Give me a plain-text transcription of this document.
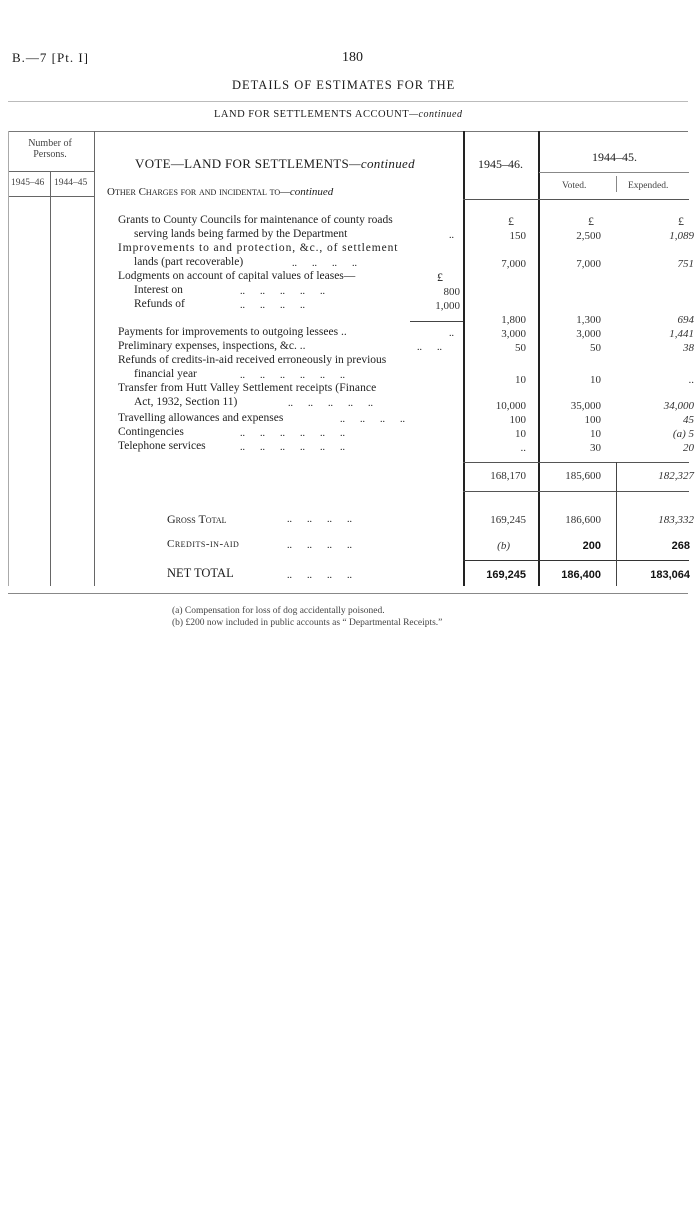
B.—7 [Pt. I]	180
DETAILS OF ESTIMATES FOR THE
LAND FOR SETTLEMENTS ACCOUNT—continued
Number of Persons.
1945–46 1944–45
VOTE—LAND FOR SETTLEMENTS—continued
Other Charges for and incidental to—continued
1945–46.	1944–45.
Voted.	Expended.
Grants to County Councils for maintenance of county roads
serving lands being farmed by the Department	..
£	£	£
150	2,500	1,089
Improvements to and protection, &c., of settlement
lands (part recoverable)	..      ..      ..      ..	7,000	7,000	751
Lodgments on account of capital values of leases—	£
Interest on	..      ..      ..      ..      ..	800
Refunds of	..      ..      ..      ..	1,000
1,800	1,300	694
Payments for improvements to outgoing lessees ..	..	3,000	3,000	1,441
Preliminary expenses, inspections, &c. ..	..      ..	50	50	38
Refunds of credits-in-aid received erroneously in previous
financial year	..      ..      ..      ..      ..      ..	10	10	..
Transfer from Hutt Valley Settlement receipts (Finance
Act, 1932, Section 11)	..      ..      ..      ..      ..	10,000	35,000	34,000
Travelling allowances and expenses	..      ..      ..      ..	100	100	45
Contingencies	..      ..      ..      ..      ..      ..	10	10	(a) 5
Telephone services	..      ..      ..      ..      ..      ..	..	30	20
168,170	185,600	182,327
Gross Total	..      ..      ..      ..	169,245	186,600	183,332
Credits-in-aid	..      ..      ..      ..	(b)	200	268
NET TOTAL	..      ..      ..      ..	169,245	186,400	183,064
(a) Compensation for loss of dog accidentally poisoned.
(b) £200 now included in public accounts as “ Departmental Receipts.”
